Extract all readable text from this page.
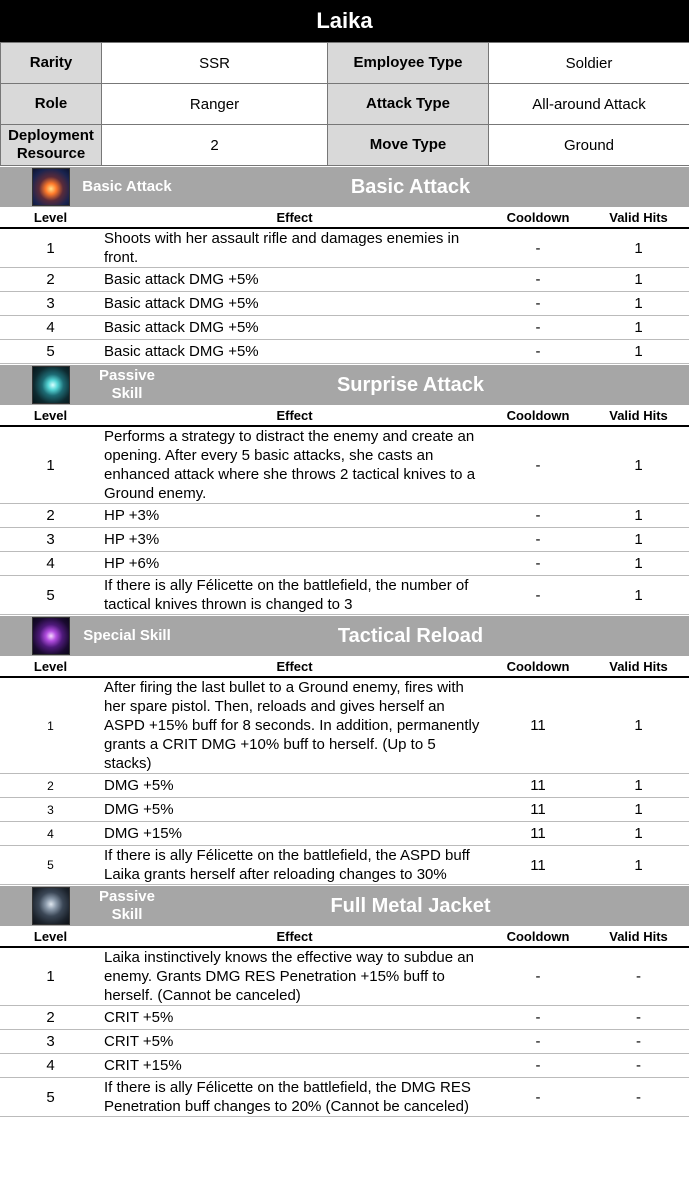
Laika
Rarity	SSR	Employee Type	Soldier
Role	Ranger	Attack Type	All-around Attack
Deployment Resource	2	Move Type	Ground
Basic Attack	Basic Attack
Level	Effect	Cooldown	Valid Hits
1	Shoots with her assault rifle and damages enemies in front.	-	1
2	Basic attack DMG +5%	-	1
3	Basic attack DMG +5%	-	1
4	Basic attack DMG +5%	-	1
5	Basic attack DMG +5%	-	1
Passive Skill	Surprise Attack
Level	Effect	Cooldown	Valid Hits
1	Performs a strategy to distract the enemy and create an opening. After every 5 basic attacks, she casts an enhanced attack where she throws 2 tactical knives to a Ground enemy.	-	1
2	HP +3%	-	1
3	HP +3%	-	1
4	HP +6%	-	1
5	If there is ally Félicette on the battlefield, the number of tactical knives thrown is changed to 3	-	1
Special Skill	Tactical Reload
Level	Effect	Cooldown	Valid Hits
1	After firing the last bullet to a Ground enemy, fires with her spare pistol. Then, reloads and gives herself an ASPD +15% buff for 8 seconds. In addition, permanently grants a CRIT DMG +10% buff to herself. (Up to 5 stacks)	11	1
2	DMG +5%	11	1
3	DMG +5%	11	1
4	DMG +15%	11	1
5	If there is ally Félicette on the battlefield, the ASPD buff Laika grants herself after reloading changes to 30%	11	1
Passive Skill	Full Metal Jacket
Level	Effect	Cooldown	Valid Hits
1	Laika instinctively knows the effective way to subdue an enemy. Grants DMG RES Penetration +15% buff to herself. (Cannot be canceled)	-	-
2	CRIT +5%	-	-
3	CRIT +5%	-	-
4	CRIT +15%	-	-
5	If there is ally Félicette on the battlefield, the DMG RES Penetration buff changes to 20% (Cannot be canceled)	-	-
